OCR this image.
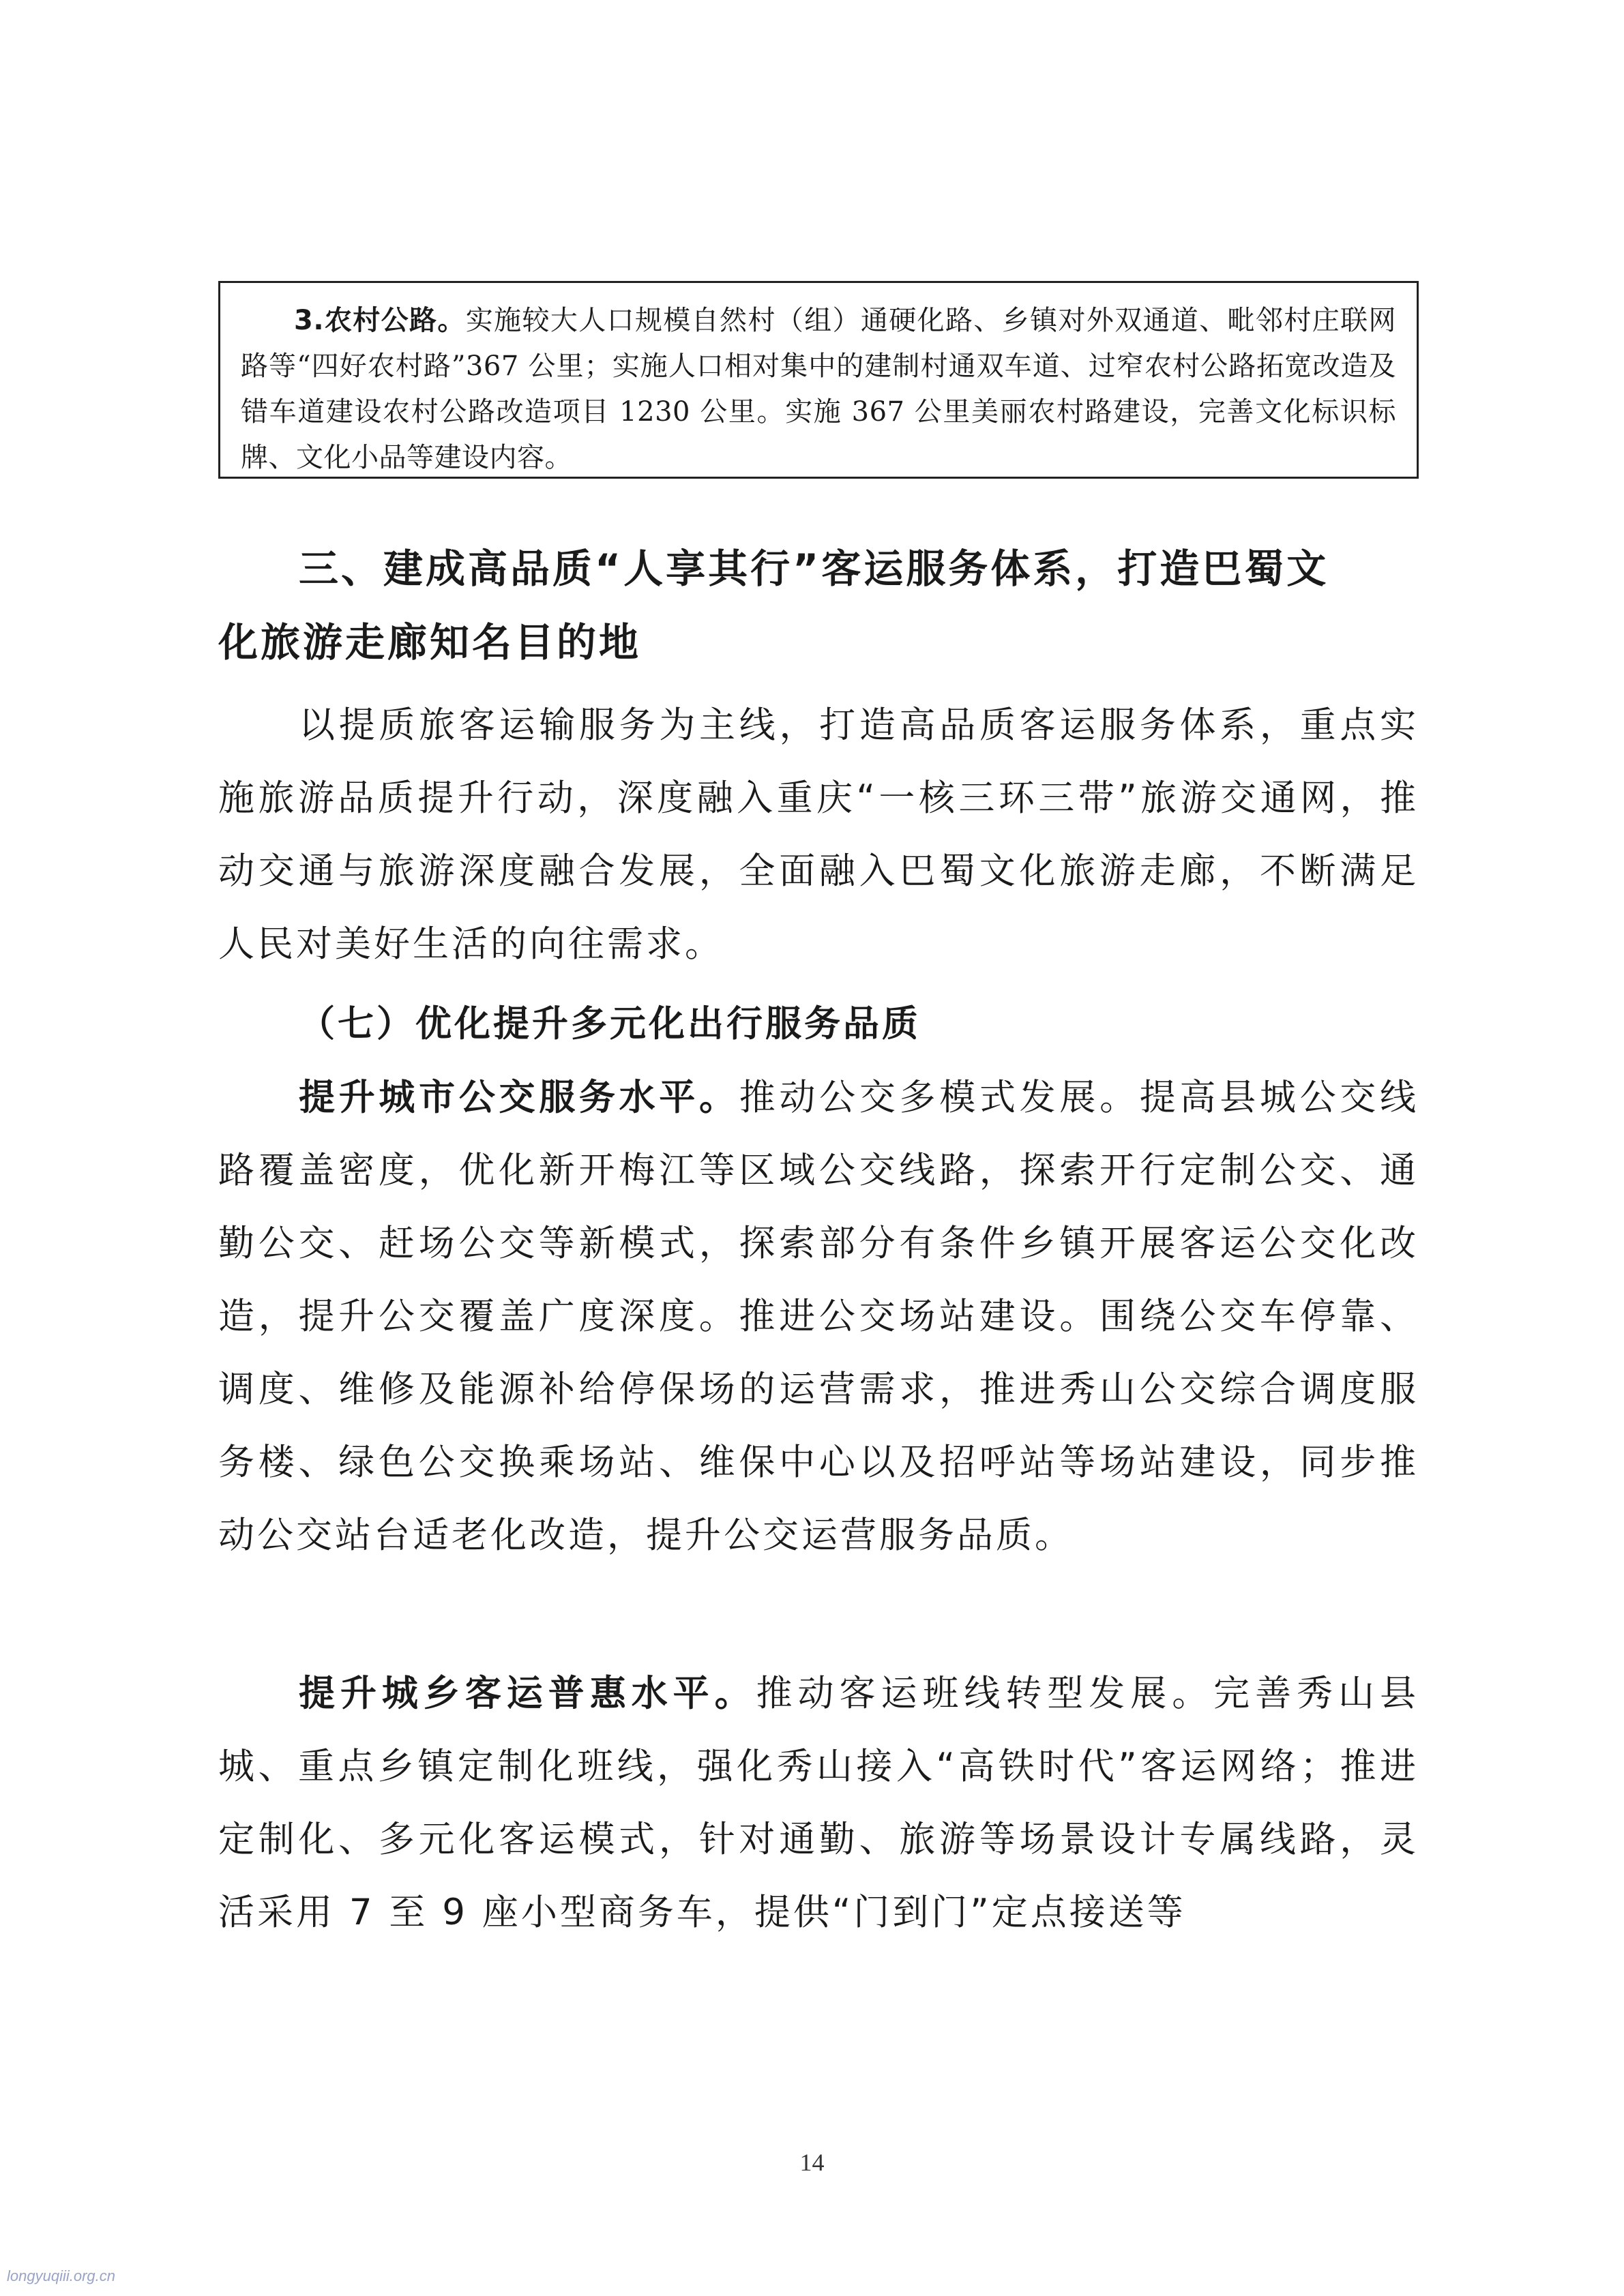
3.农村公路。实施较大人口规模自然村（组）通硬化路、乡镇对外双通道、毗邻村庄联网路等“四好农村路”367 公里；实施人口相对集中的建制村通双车道、过窄农村公路拓宽改造及错车道建设农村公路改造项目 1230 公里。实施 367 公里美丽农村路建设，完善文化标识标牌、文化小品等建设内容。

三、建成高品质“人享其行”客运服务体系，打造巴蜀文
化旅游走廊知名目的地

以提质旅客运输服务为主线，打造高品质客运服务体系，重点实施旅游品质提升行动，深度融入重庆“一核三环三带”旅游交通网，推动交通与旅游深度融合发展，全面融入巴蜀文化旅游走廊，不断满足人民对美好生活的向往需求。

（七）优化提升多元化出行服务品质

提升城市公交服务水平。推动公交多模式发展。提高县城公交线路覆盖密度，优化新开梅江等区域公交线路，探索开行定制公交、通勤公交、赶场公交等新模式，探索部分有条件乡镇开展客运公交化改造，提升公交覆盖广度深度。推进公交场站建设。围绕公交车停靠、调度、维修及能源补给停保场的运营需求，推进秀山公交综合调度服务楼、绿色公交换乘场站、维保中心以及招呼站等场站建设，同步推动公交站台适老化改造，提升公交运营服务品质。

提升城乡客运普惠水平。推动客运班线转型发展。完善秀山县城、重点乡镇定制化班线，强化秀山接入“高铁时代”客运网络；推进定制化、多元化客运模式，针对通勤、旅游等场景设计专属线路，灵活采用 7 至 9 座小型商务车，提供“门到门”定点接送等

14

longyuqiii.org.cn
